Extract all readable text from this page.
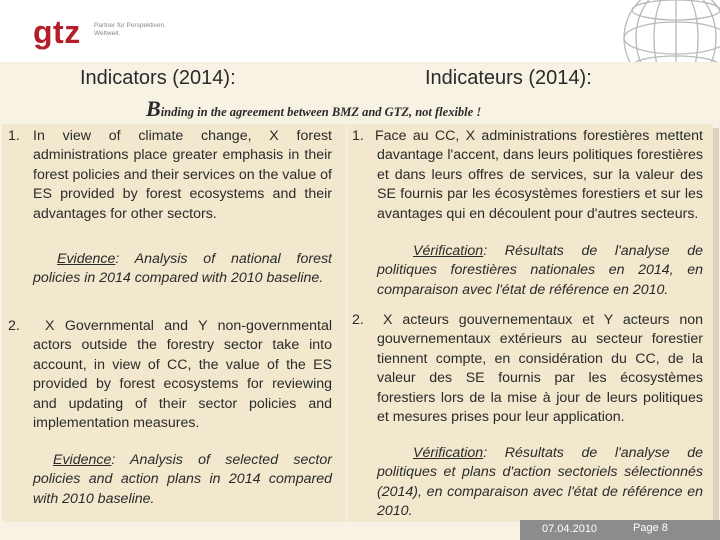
gtz Partner für Perspektiven. Weltweit.
Indicators (2014):	Indicateurs (2014):
Binding in the agreement between BMZ and GTZ, not flexible !
1. In view of climate change, X forest administrations place greater emphasis in their forest policies and their services on the value of ES provided by forest ecosystems and their advantages for other sectors.
Evidence: Analysis of national forest policies in 2014 compared with 2010 baseline.
2.	X Governmental and Y non-governmental actors outside the forestry sector take into account, in view of CC, the value of the ES provided by forest ecosystems for reviewing and updating of their sector policies and implementation measures.
Evidence: Analysis of selected sector policies and action plans in 2014 compared with 2010 baseline.
1. Face au CC, X administrations forestières mettent davantage l'accent, dans leurs politiques forestières et dans leurs offres de services, sur la valeur des SE fournis par les écosystèmes forestiers et sur les avantages qui en découlent pour d'autres secteurs.
Vérification: Résultats de l'analyse de politiques forestières nationales en 2014, en comparaison avec l'état de référence en 2010.
2.	X acteurs gouvernementaux et Y acteurs non gouvernementaux extérieurs au secteur forestier tiennent compte, en considération du CC, de la valeur des SE fournis par les écosystèmes forestiers lors de la mise à jour de leurs politiques et mesures prises pour leur application.
Vérification: Résultats de l'analyse de politiques et plans d'action sectoriels sélectionnés (2014), en comparaison avec l'état de référence en 2010.
07.04.2010	Page 8
